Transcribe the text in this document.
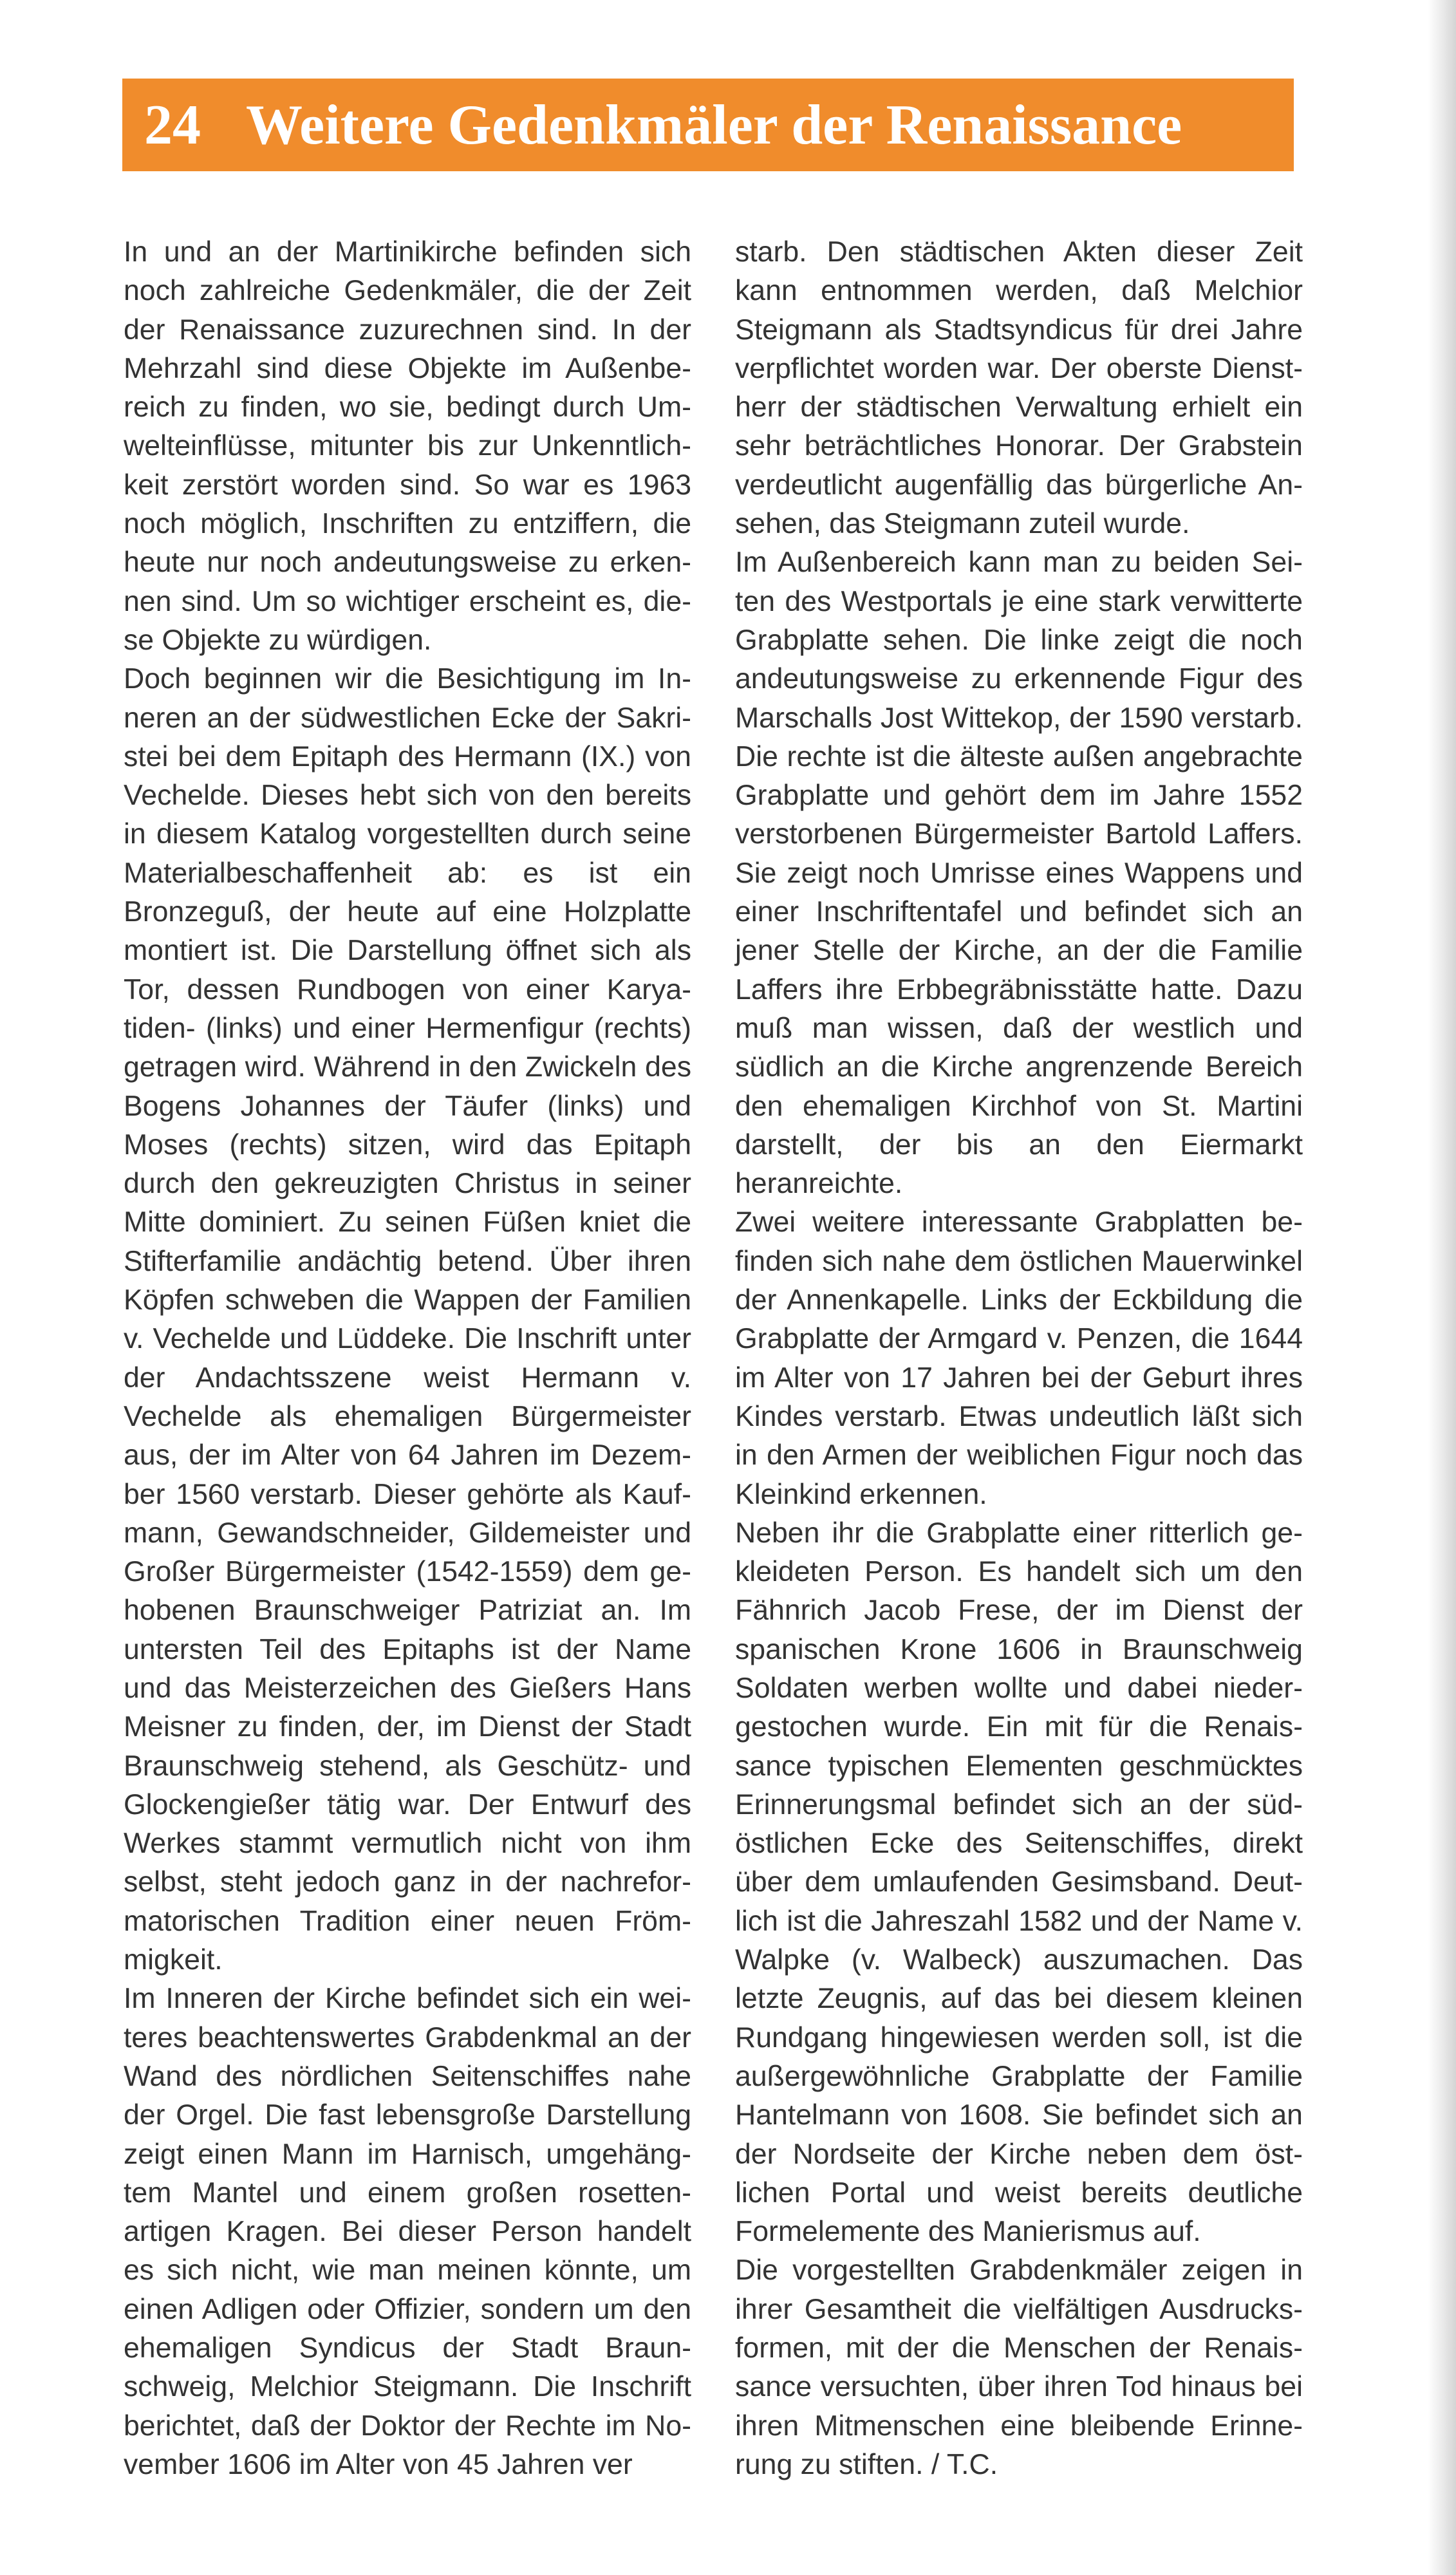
24 Weitere Gedenkmäler der Renaissance

In und an der Martinikirche befinden sich noch zahlreiche Gedenkmäler, die der Zeit der Renaissance zuzurechnen sind. In der Mehrzahl sind diese Objekte im Außenbereich zu finden, wo sie, bedingt durch Umwelteinflüsse, mitunter bis zur Unkenntlichkeit zerstört worden sind. So war es 1963 noch möglich, Inschriften zu entziffern, die heute nur noch andeutungsweise zu erkennen sind. Um so wichtiger erscheint es, diese Objekte zu würdigen.

Doch beginnen wir die Besichtigung im Inneren an der südwestlichen Ecke der Sakristei bei dem Epitaph des Hermann (IX.) von Vechelde. Dieses hebt sich von den bereits in diesem Katalog vorgestellten durch seine Materialbeschaffenheit ab: es ist ein Bronzeguß, der heute auf eine Holzplatte montiert ist. Die Darstellung öffnet sich als Tor, dessen Rundbogen von einer Karyatiden- (links) und einer Hermenfigur (rechts) getragen wird. Während in den Zwickeln des Bogens Johannes der Täufer (links) und Moses (rechts) sitzen, wird das Epitaph durch den gekreuzigten Christus in seiner Mitte dominiert. Zu seinen Füßen kniet die Stifterfamilie andächtig betend. Über ihren Köpfen schweben die Wappen der Familien v. Vechelde und Lüddeke. Die Inschrift unter der Andachtsszene weist Hermann v. Vechelde als ehemaligen Bürgermeister aus, der im Alter von 64 Jahren im Dezember 1560 verstarb. Dieser gehörte als Kaufmann, Gewandschneider, Gildemeister und Großer Bürgermeister (1542-1559) dem gehobenen Braunschweiger Patriziat an. Im untersten Teil des Epitaphs ist der Name und das Meisterzeichen des Gießers Hans Meisner zu finden, der, im Dienst der Stadt Braunschweig stehend, als Geschütz- und Glockengießer tätig war. Der Entwurf des Werkes stammt vermutlich nicht von ihm selbst, steht jedoch ganz in der nachreformatorischen Tradition einer neuen Frömmigkeit.

Im Inneren der Kirche befindet sich ein weiteres beachtenswertes Grabdenkmal an der Wand des nördlichen Seitenschiffes nahe der Orgel. Die fast lebensgroße Darstellung zeigt einen Mann im Harnisch, umgehängtem Mantel und einem großen rosettenartigen Kragen. Bei dieser Person handelt es sich nicht, wie man meinen könnte, um einen Adligen oder Offizier, sondern um den ehemaligen Syndicus der Stadt Braunschweig, Melchior Steigmann. Die Inschrift berichtet, daß der Doktor der Rechte im November 1606 im Alter von 45 Jahren ver

starb. Den städtischen Akten dieser Zeit kann entnommen werden, daß Melchior Steigmann als Stadtsyndicus für drei Jahre verpflichtet worden war. Der oberste Dienstherr der städtischen Verwaltung erhielt ein sehr beträchtliches Honorar. Der Grabstein verdeutlicht augenfällig das bürgerliche Ansehen, das Steigmann zuteil wurde.

Im Außenbereich kann man zu beiden Seiten des Westportals je eine stark verwitterte Grabplatte sehen. Die linke zeigt die noch andeutungsweise zu erkennende Figur des Marschalls Jost Wittekop, der 1590 verstarb. Die rechte ist die älteste außen angebrachte Grabplatte und gehört dem im Jahre 1552 verstorbenen Bürgermeister Bartold Laffers. Sie zeigt noch Umrisse eines Wappens und einer Inschriftentafel und befindet sich an jener Stelle der Kirche, an der die Familie Laffers ihre Erbbegräbnisstätte hatte. Dazu muß man wissen, daß der westlich und südlich an die Kirche angrenzende Bereich den ehemaligen Kirchhof von St. Martini darstellt, der bis an den Eiermarkt heranreichte.

Zwei weitere interessante Grabplatten befinden sich nahe dem östlichen Mauerwinkel der Annenkapelle. Links der Eckbildung die Grabplatte der Armgard v. Penzen, die 1644 im Alter von 17 Jahren bei der Geburt ihres Kindes verstarb. Etwas undeutlich läßt sich in den Armen der weiblichen Figur noch das Kleinkind erkennen.

Neben ihr die Grabplatte einer ritterlich gekleideten Person. Es handelt sich um den Fähnrich Jacob Frese, der im Dienst der spanischen Krone 1606 in Braunschweig Soldaten werben wollte und dabei niedergestochen wurde. Ein mit für die Renaissance typischen Elementen geschmücktes Erinnerungsmal befindet sich an der südöstlichen Ecke des Seitenschiffes, direkt über dem umlaufenden Gesimsband. Deutlich ist die Jahreszahl 1582 und der Name v. Walpke (v. Walbeck) auszumachen. Das letzte Zeugnis, auf das bei diesem kleinen Rundgang hingewiesen werden soll, ist die außergewöhnliche Grabplatte der Familie Hantelmann von 1608. Sie befindet sich an der Nordseite der Kirche neben dem östlichen Portal und weist bereits deutliche Formelemente des Manierismus auf.

Die vorgestellten Grabdenkmäler zeigen in ihrer Gesamtheit die vielfältigen Ausdrucksformen, mit der die Menschen der Renaissance versuchten, über ihren Tod hinaus bei ihren Mitmenschen eine bleibende Erinnerung zu stiften. / T.C.
